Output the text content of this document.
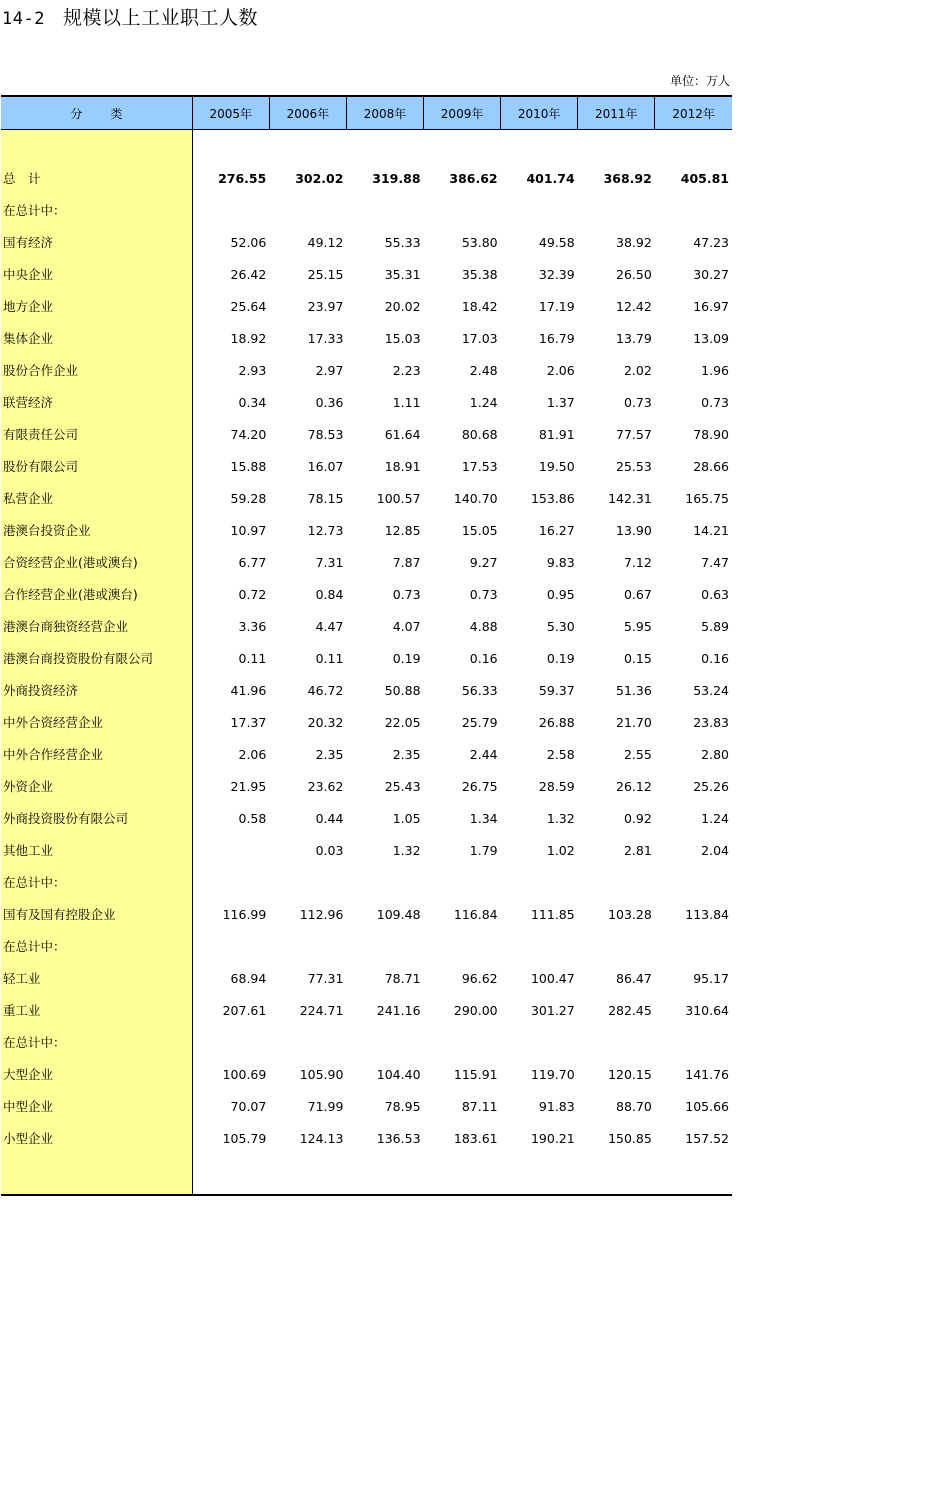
14-2 规模以上工业职工人数
单位：万人
分类	2005年	2006年	2008年	2009年	2010年	2011年	2012年

总　计	276.55	302.02	319.88	386.62	401.74	368.92	405.81
在总计中：							
国有经济	52.06	49.12	55.33	53.80	49.58	38.92	47.23
中央企业	26.42	25.15	35.31	35.38	32.39	26.50	30.27
地方企业	25.64	23.97	20.02	18.42	17.19	12.42	16.97
集体企业	18.92	17.33	15.03	17.03	16.79	13.79	13.09
股份合作企业	2.93	2.97	2.23	2.48	2.06	2.02	1.96
联营经济	0.34	0.36	1.11	1.24	1.37	0.73	0.73
有限责任公司	74.20	78.53	61.64	80.68	81.91	77.57	78.90
股份有限公司	15.88	16.07	18.91	17.53	19.50	25.53	28.66
私营企业	59.28	78.15	100.57	140.70	153.86	142.31	165.75
港澳台投资企业	10.97	12.73	12.85	15.05	16.27	13.90	14.21
合资经营企业(港或澳台)	6.77	7.31	7.87	9.27	9.83	7.12	7.47
合作经营企业(港或澳台)	0.72	0.84	0.73	0.73	0.95	0.67	0.63
港澳台商独资经营企业	3.36	4.47	4.07	4.88	5.30	5.95	5.89
港澳台商投资股份有限公司	0.11	0.11	0.19	0.16	0.19	0.15	0.16
外商投资经济	41.96	46.72	50.88	56.33	59.37	51.36	53.24
中外合资经营企业	17.37	20.32	22.05	25.79	26.88	21.70	23.83
中外合作经营企业	2.06	2.35	2.35	2.44	2.58	2.55	2.80
外资企业	21.95	23.62	25.43	26.75	28.59	26.12	25.26
外商投资股份有限公司	0.58	0.44	1.05	1.34	1.32	0.92	1.24
其他工业		0.03	1.32	1.79	1.02	2.81	2.04
在总计中：							
国有及国有控股企业	116.99	112.96	109.48	116.84	111.85	103.28	113.84
在总计中：							
轻工业	68.94	77.31	78.71	96.62	100.47	86.47	95.17
重工业	207.61	224.71	241.16	290.00	301.27	282.45	310.64
在总计中：							
大型企业	100.69	105.90	104.40	115.91	119.70	120.15	141.76
中型企业	70.07	71.99	78.95	87.11	91.83	88.70	105.66
小型企业	105.79	124.13	136.53	183.61	190.21	150.85	157.52
